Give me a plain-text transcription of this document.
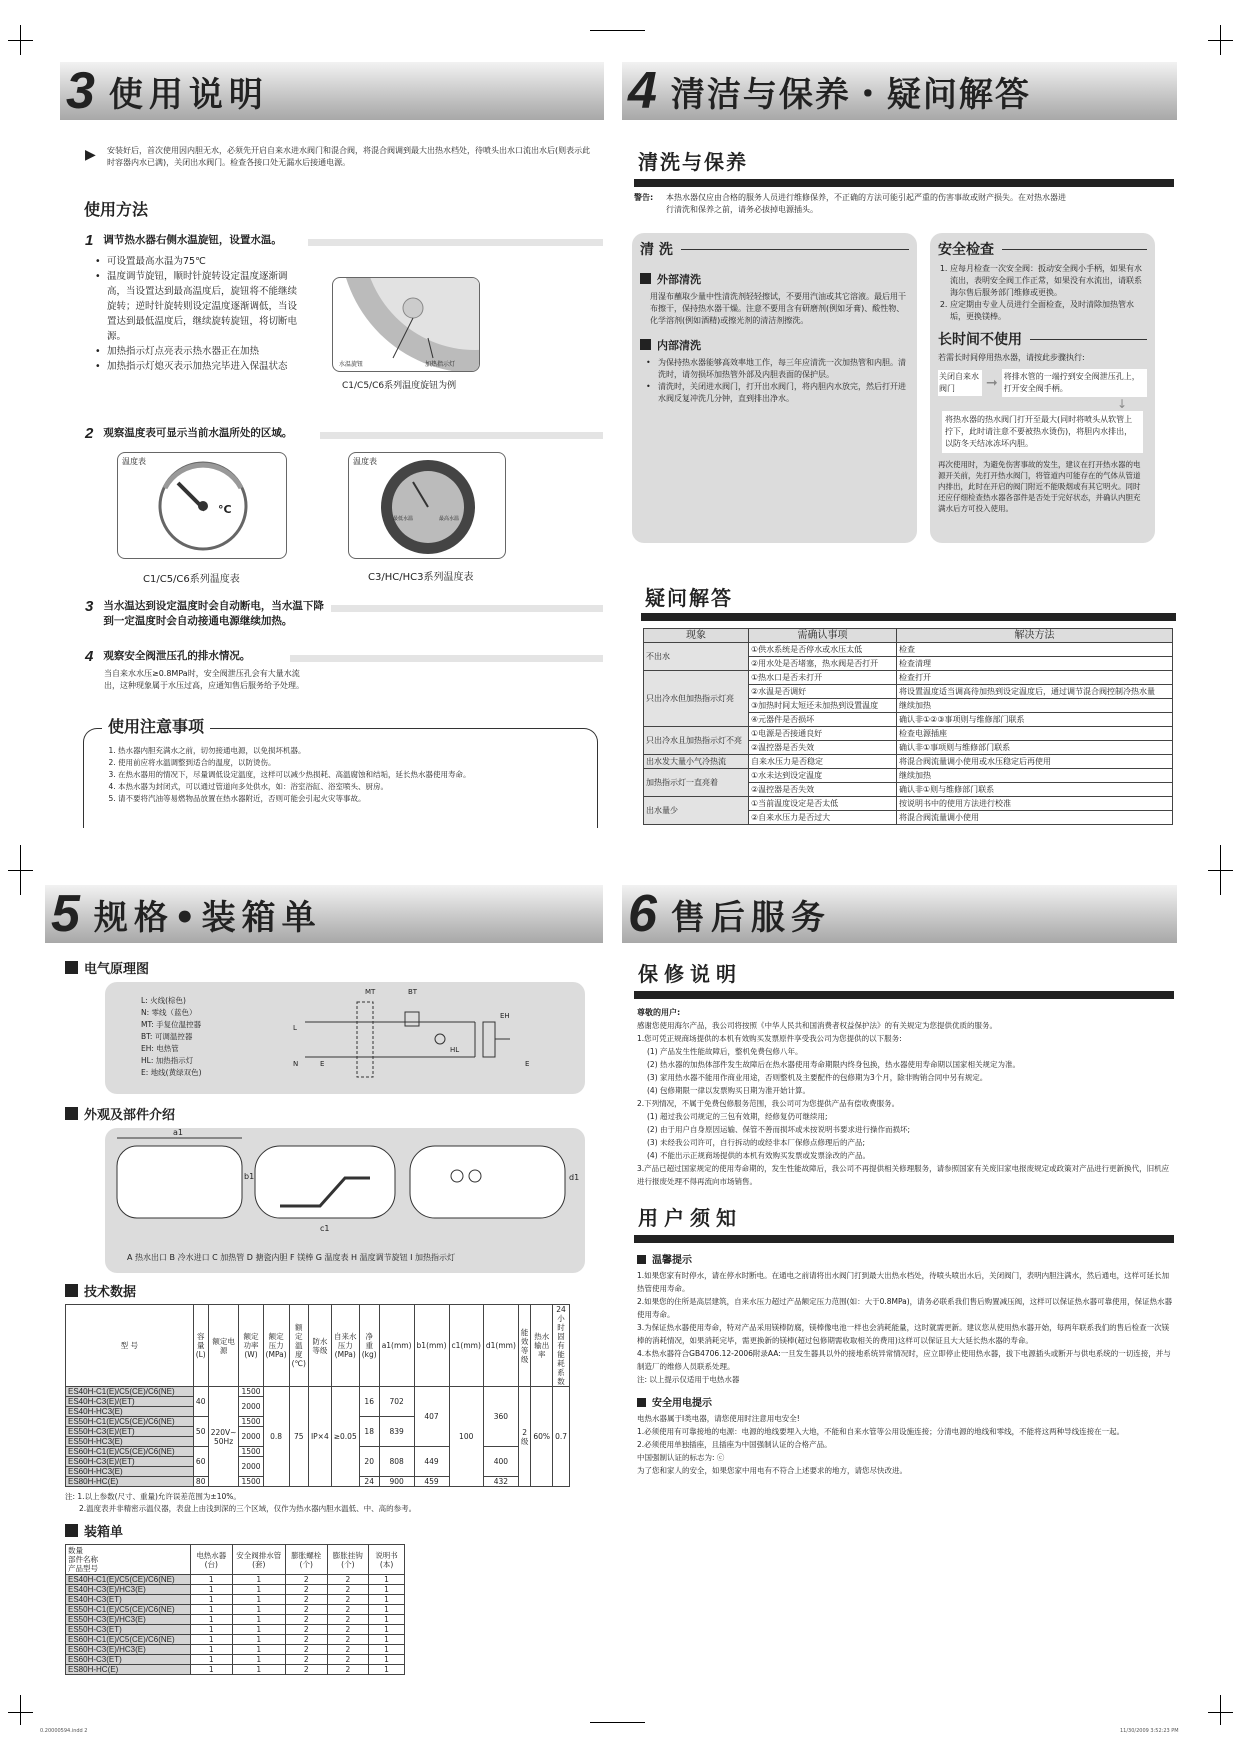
3 使用说明
▶ 安装好后，首次使用因内胆无水，必须先开启自来水进水阀门和混合阀，将混合阀调到最大出热水档处，待喷头出水口流出水后(则表示此时容器内水已满)，关闭出水阀门。检查各接口处无漏水后接通电源。
使用方法
1 调节热水器右侧水温旋钮，设置水温。
• 可设置最高水温为75℃
• 温度调节旋钮，顺时针旋转设定温度逐渐调高，当设置达到最高温度后，旋钮将不能继续旋转；逆时针旋转则设定温度逐渐调低，当设置达到最低温度后，继续旋转旋钮，将切断电源。
• 加热指示灯点亮表示热水器正在加热
• 加热指示灯熄灭表示加热完毕进入保温状态	水温旋钮	加热指示灯
C1/C5/C6系列温度旋钮为例
2 观察温度表可显示当前水温所处的区域。
温度表
°C
C1/C5/C6系列温度表
温度表
最低水温	最高水温
C3/HC/HC3系列温度表
3 当水温达到设定温度时会自动断电，当水温下降到一定温度时会自动接通电源继续加热。
4 观察安全阀泄压孔的排水情况。
当自来水水压≥0.8MPa时，安全阀泄压孔会有大量水流出，这种现象属于水压过高，应通知售后服务给予处理。
使用注意事项
1. 热水器内胆充满水之前，切勿接通电源，以免损坏机器。
2. 使用前应将水温调整到适合的温度，以防烫伤。
3. 在热水器用的情况下，尽量调低设定温度，这样可以减少热损耗、高温腐蚀和结垢，延长热水器使用寿命。
4. 本热水器为封闭式，可以通过管道向多处供水，如：浴室浴缸、浴室喷头、厨房。
5. 请不要将汽油等易燃物品放置在热水器附近，否则可能会引起火灾等事故。
4 清洁与保养・疑问解答
清洗与保养
警告: 本热水器仅应由合格的服务人员进行维修保养，不正确的方法可能引起严重的伤害事故或财产损失。在对热水器进行清洗和保养之前，请务必拔掉电源插头。
清 洗
外部清洗
用湿布蘸取少量中性清洗剂轻轻擦试，不要用汽油或其它溶液。最后用干布擦干，保持热水器干燥。注意不要用含有研磨剂(例如牙膏)、酸性物、化学溶剂(例如酒精)或擦光剂的清洁剂擦洗。
内部清洗
• 为保持热水器能够高效率地工作，每三年应清洗一次加热管和内胆。清洗时，请勿损坏加热管外部及内胆表面的保护层。
• 清洗时，关闭进水阀门，打开出水阀门，将内胆内水放完，然后打开进水阀反复冲洗几分钟，直到排出净水。
安全检查
1. 应每月检查一次安全阀：扳动安全阀小手柄，如果有水流出，表明安全阀工作正常，如果没有水流出，请联系海尔售后服务部门维修或更换。
2. 应定期由专业人员进行全面检查，及时清除加热管水垢，更换镁棒。
长时间不使用
若需长时间停用热水器，请按此步骤执行:
关闭自来水阀门	➞ 将排水管的一端拧到安全阀泄压孔上，打开安全阀手柄。
↓
将热水器的热水阀门打开至最大(同时将喷头从软管上拧下，此时请注意不要被热水烫伤)，将胆内水排出，以防冬天结冰冻坏内胆。
再次使用时，为避免伤害事故的发生，建议在打开热水器的电源开关前，先打开热水阀门，将管道内可能存在的气体从管道内排出，此时在开启的阀门附近不能吸烟或有其它明火。同时还应仔细检查热水器各部件是否处于完好状态，并确认内胆充满水后方可投入使用。
疑问解答
现象	需确认事项	解决方法
不出水	①供水系统是否停水或水压太低	检查
	②用水处是否堵塞，热水阀是否打开	检查清理
只出冷水但加热指示灯亮	①热水口是否未打开	检查打开
	②水温是否调好	将设置温度适当调高待加热到设定温度后，通过调节混合阀控制冷热水量
	③加热时间太短还未加热到设置温度	继续加热
	④元器件是否损坏	确认非①②③事项则与维修部门联系
只出冷水且加热指示灯不亮	①电源是否接通良好	检查电源插座
	②温控器是否失效	确认非①事项则与维修部门联系
出水发大量小气冷热流	自来水压力是否稳定	将混合阀流量调小使用或水压稳定后再使用
加热指示灯一直亮着	①水未达到设定温度	继续加热
	②温控器是否失效	确认非①则与维修部门联系
出水量少	①当前温度设定是否太低	按说明书中的使用方法进行校准
	②自来水压力是否过大	将混合阀流量调小使用
5 规格•装箱单
电气原理图
L: 火线(棕色)
N: 零线（蓝色）
MT: 手复位温控器
BT: 可调温控器
EH: 电热管
HL: 加热指示灯
E: 地线(黄绿双色)
MT	BT
EH
HL
L
N	E	E
外观及部件介绍
a1
b1
c1
d1
A 热水出口 B 冷水进口 C 加热管 D 搪瓷内胆 F 镁棒 G 温度表 H 温度调节旋钮 I 加热指示灯
技术数据
型 号	容量(L)	额定电源	额定功率(W)	额定压力(MPa)	额定温度(℃)	防水等级	自来水压力(MPa)	净重(kg)	a1(mm)	b1(mm)	c1(mm)	d1(mm)	能效等级	热水输出率	24小时固有能耗系数
ES40H-C1(E)/C5(CE)/C6(NE)	40	220V~ 50Hz	1500	0.8	75	IP×4	≥0.05	16	702	407	100	360	2级	60%	0.7
ES40H-C3(E)/(ET)			2000												
ES40H-HC3(E)															
ES50H-C1(E)/C5(CE)/C6(NE)	50		1500					18	839						
ES50H-C3(E)/(ET)			2000												
ES50H-HC3(E)															
ES60H-C1(E)/C5(CE)/C6(NE)	60		1500					20	808	449		400			
ES60H-C3(E)/(ET)			2000												
ES60H-HC3(E)															
ES80H-HC(E)	80		1500					24	900	459		432			
注: 1.以上参数(尺寸、重量)允许误差范围为±10%。
2.温度表并非精密示温仪器，表盘上由浅到深的三个区域，仅作为热水器内胆水温低、中、高的参考。
装箱单
数量
部件名称
产品型号	电热水器(台)	安全阀排水管(套)	膨胀螺栓(个)	膨胀挂钩(个)	说明书(本)
ES40H-C1(E)/C5(CE)/C6(NE)	1	1	2	2	1
ES40H-C3(E)/HC3(E)	1	1	2	2	1
ES40H-C3(ET)	1	1	2	2	1
ES50H-C1(E)/C5(CE)/C6(NE)	1	1	2	2	1
ES50H-C3(E)/HC3(E)	1	1	2	2	1
ES50H-C3(ET)	1	1	2	2	1
ES60H-C1(E)/C5(CE)/C6(NE)	1	1	2	2	1
ES60H-C3(E)/HC3(E)	1	1	2	2	1
ES60H-C3(ET)	1	1	2	2	1
ES80H-HC(E)	1	1	2	2	1
6 售后服务
保修说明
尊敬的用户:
感谢您使用海尔产品，我公司将按照《中华人民共和国消费者权益保护法》的有关规定为您提供优质的服务。
1.您可凭正规商场提供的本机有效购买发票原件享受我公司为您提供的以下服务:
(1) 产品发生性能故障后，整机免费包修八年。
(2) 热水器的加热体部件发生故障后在热水器使用寿命期限内终身包换，热水器使用寿命期以国家相关规定为准。
(3) 家用热水器不能用作商业用途，否则整机及主要配件的包修期为3个月，除非购销合同中另有规定。
(4) 包修期限一律以发票购买日期为准开始计算。
2.下列情况，不属于免费包修服务范围，我公司可为您提供产品有偿收费服务。
(1) 超过我公司规定的三包有效期，经修复仍可继续用;
(2) 由于用户自身原因运输、保管不善而损坏或未按说明书要求进行操作而损坏;
(3) 未经我公司许可，自行拆动的或经非本厂保修点修理后的产品;
(4) 不能出示正规商场提供的本机有效购买发票或发票涂改的产品。
3.产品已超过国家规定的使用寿命期的，发生性能故障后，我公司不再提供相关修理服务，请参照国家有关废旧家电报废规定或政策对产品进行更新换代，旧机应进行报废处理不得再流向市场销售。
用户须知
温馨提示
1.如果您家有时停水，请在停水时断电。在通电之前请将出水阀门打到最大出热水档处，待喷头喷出水后，关闭阀门，表明内胆注满水，然后通电，这样可延长加热管使用寿命。
2.如果您的住所是高层建筑，自来水压力超过产品额定压力范围(如：大于0.8MPa)，请务必联系我们售后购置减压阀，这样可以保证热水器可靠使用，保证热水器使用寿命。
3.为保证热水器使用寿命，特对产品采用镁棒防腐，镁棒像电池一样也会消耗能量，这时就需更新。建议您从使用热水器开始，每两年联系我们的售后检查一次镁棒的消耗情况，如果消耗完毕，需更换新的镁棒(超过包修期需收取相关的费用)这样可以保证且大大延长热水器的寿命。
4.本热水器符合GB4706.12-2006附录AA:一旦发生器具以外的接地系统异常情况时，应立即停止使用热水器，拔下电源插头或断开与供电系统的一切连接，并与制造厂的维修人员联系处理。
注: 以上提示仅适用于电热水器
安全用电提示
电热水器属于Ⅰ类电器，请您使用时注意用电安全!
1.必须使用有可靠接地的电源：电源的地线要埋入大地，不能和自来水管等公用设施连接；分清电源的地线和零线，不能将这两种导线连接在一起。
2.必须使用单独插座，且插座为中国强制认证的合格产品。
中国强制认证的标志为: ⓒ
为了您和家人的安全，如果您家中用电有不符合上述要求的地方，请您尽快改进。
0.20000594.indd 2	11/30/2009 3:52:23 PM
